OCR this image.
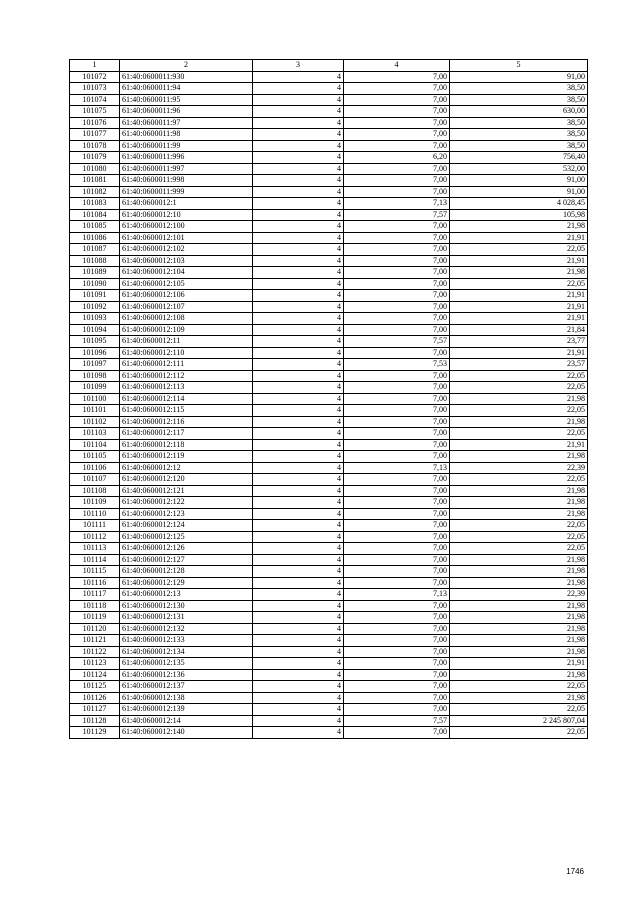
1	2	3	4	5
101072	61:40:0600011:930	4	7,00	91,00
101073	61:40:0600011:94	4	7,00	38,50
101074	61:40:0600011:95	4	7,00	38,50
101075	61:40:0600011:96	4	7,00	630,00
101076	61:40:0600011:97	4	7,00	38,50
101077	61:40:0600011:98	4	7,00	38,50
101078	61:40:0600011:99	4	7,00	38,50
101079	61:40:0600011:996	4	6,20	756,40
101080	61:40:0600011:997	4	7,00	532,00
101081	61:40:0600011:998	4	7,00	91,00
101082	61:40:0600011:999	4	7,00	91,00
101083	61:40:0600012:1	4	7,13	4 028,45
101084	61:40:0600012:10	4	7,57	105,98
101085	61:40:0600012:100	4	7,00	21,98
101086	61:40:0600012:101	4	7,00	21,91
101087	61:40:0600012:102	4	7,00	22,05
101088	61:40:0600012:103	4	7,00	21,91
101089	61:40:0600012:104	4	7,00	21,98
101090	61:40:0600012:105	4	7,00	22,05
101091	61:40:0600012:106	4	7,00	21,91
101092	61:40:0600012:107	4	7,00	21,91
101093	61:40:0600012:108	4	7,00	21,91
101094	61:40:0600012:109	4	7,00	21,84
101095	61:40:0600012:11	4	7,57	23,77
101096	61:40:0600012:110	4	7,00	21,91
101097	61:40:0600012:111	4	7,53	23,57
101098	61:40:0600012:112	4	7,00	22,05
101099	61:40:0600012:113	4	7,00	22,05
101100	61:40:0600012:114	4	7,00	21,98
101101	61:40:0600012:115	4	7,00	22,05
101102	61:40:0600012:116	4	7,00	21,98
101103	61:40:0600012:117	4	7,00	22,05
101104	61:40:0600012:118	4	7,00	21,91
101105	61:40:0600012:119	4	7,00	21,98
101106	61:40:0600012:12	4	7,13	22,39
101107	61:40:0600012:120	4	7,00	22,05
101108	61:40:0600012:121	4	7,00	21,98
101109	61:40:0600012:122	4	7,00	21,98
101110	61:40:0600012:123	4	7,00	21,98
101111	61:40:0600012:124	4	7,00	22,05
101112	61:40:0600012:125	4	7,00	22,05
101113	61:40:0600012:126	4	7,00	22,05
101114	61:40:0600012:127	4	7,00	21,98
101115	61:40:0600012:128	4	7,00	21,98
101116	61:40:0600012:129	4	7,00	21,98
101117	61:40:0600012:13	4	7,13	22,39
101118	61:40:0600012:130	4	7,00	21,98
101119	61:40:0600012:131	4	7,00	21,98
101120	61:40:0600012:132	4	7,00	21,98
101121	61:40:0600012:133	4	7,00	21,98
101122	61:40:0600012:134	4	7,00	21,98
101123	61:40:0600012:135	4	7,00	21,91
101124	61:40:0600012:136	4	7,00	21,98
101125	61:40:0600012:137	4	7,00	22,05
101126	61:40:0600012:138	4	7,00	21,98
101127	61:40:0600012:139	4	7,00	22,05
101128	61:40:0600012:14	4	7,57	2 245 807,04
101129	61:40:0600012:140	4	7,00	22,05
1746
